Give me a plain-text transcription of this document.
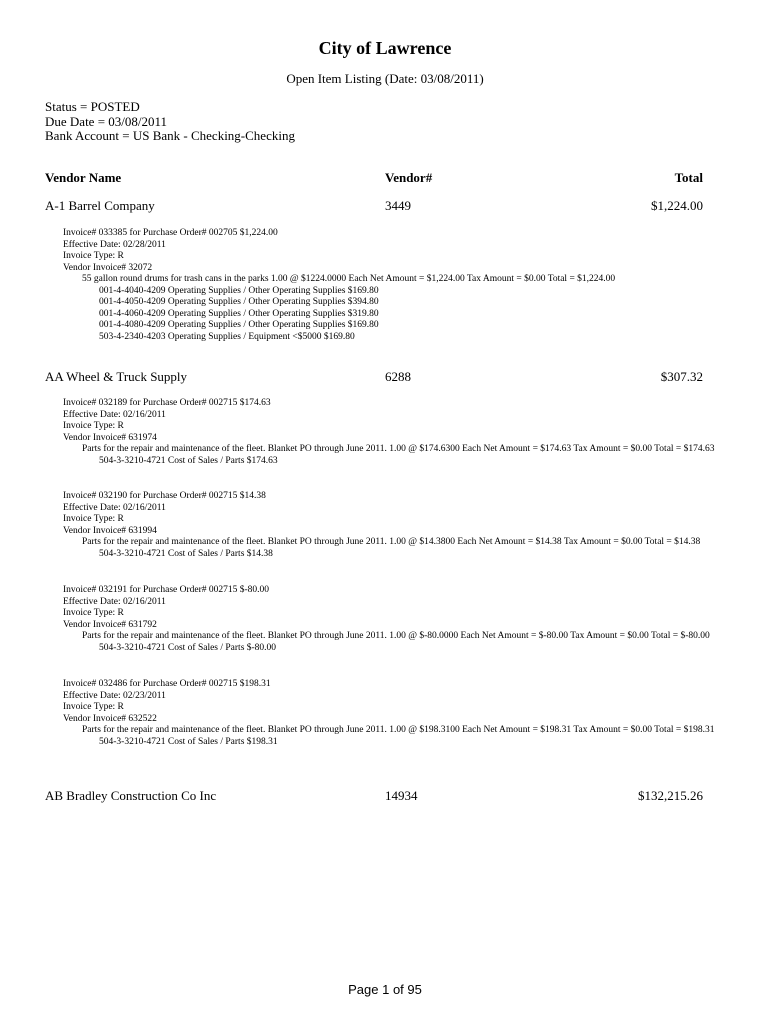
City of Lawrence
Open Item Listing (Date: 03/08/2011)
Status = POSTED
Due Date = 03/08/2011
Bank Account = US Bank - Checking-Checking
Vendor Name	Vendor#	Total
A-1 Barrel Company	3449	$1,224.00
Invoice# 033385 for Purchase Order# 002705 $1,224.00
Effective Date: 02/28/2011
Invoice Type: R
Vendor Invoice# 32072
55 gallon round drums for trash cans in the parks 1.00 @ $1224.0000 Each Net Amount = $1,224.00 Tax Amount = $0.00 Total = $1,224.00
001-4-4040-4209 Operating Supplies / Other Operating Supplies $169.80
001-4-4050-4209 Operating Supplies / Other Operating Supplies $394.80
001-4-4060-4209 Operating Supplies / Other Operating Supplies $319.80
001-4-4080-4209 Operating Supplies / Other Operating Supplies $169.80
503-4-2340-4203 Operating Supplies / Equipment <$5000 $169.80
AA Wheel & Truck Supply	6288	$307.32
Invoice# 032189 for Purchase Order# 002715 $174.63
Effective Date: 02/16/2011
Invoice Type: R
Vendor Invoice# 631974
Parts for the repair and maintenance of the fleet. Blanket PO through June 2011. 1.00 @ $174.6300 Each Net Amount = $174.63 Tax Amount = $0.00 Total = $174.63
504-3-3210-4721 Cost of Sales / Parts $174.63
Invoice# 032190 for Purchase Order# 002715 $14.38
Effective Date: 02/16/2011
Invoice Type: R
Vendor Invoice# 631994
Parts for the repair and maintenance of the fleet. Blanket PO through June 2011. 1.00 @ $14.3800 Each Net Amount = $14.38 Tax Amount = $0.00 Total = $14.38
504-3-3210-4721 Cost of Sales / Parts $14.38
Invoice# 032191 for Purchase Order# 002715 $-80.00
Effective Date: 02/16/2011
Invoice Type: R
Vendor Invoice# 631792
Parts for the repair and maintenance of the fleet. Blanket PO through June 2011. 1.00 @ $-80.0000 Each Net Amount = $-80.00 Tax Amount = $0.00 Total = $-80.00
504-3-3210-4721 Cost of Sales / Parts $-80.00
Invoice# 032486 for Purchase Order# 002715 $198.31
Effective Date: 02/23/2011
Invoice Type: R
Vendor Invoice# 632522
Parts for the repair and maintenance of the fleet. Blanket PO through June 2011. 1.00 @ $198.3100 Each Net Amount = $198.31 Tax Amount = $0.00 Total = $198.31
504-3-3210-4721 Cost of Sales / Parts $198.31
AB Bradley Construction Co Inc	14934	$132,215.26
Page 1 of 95
